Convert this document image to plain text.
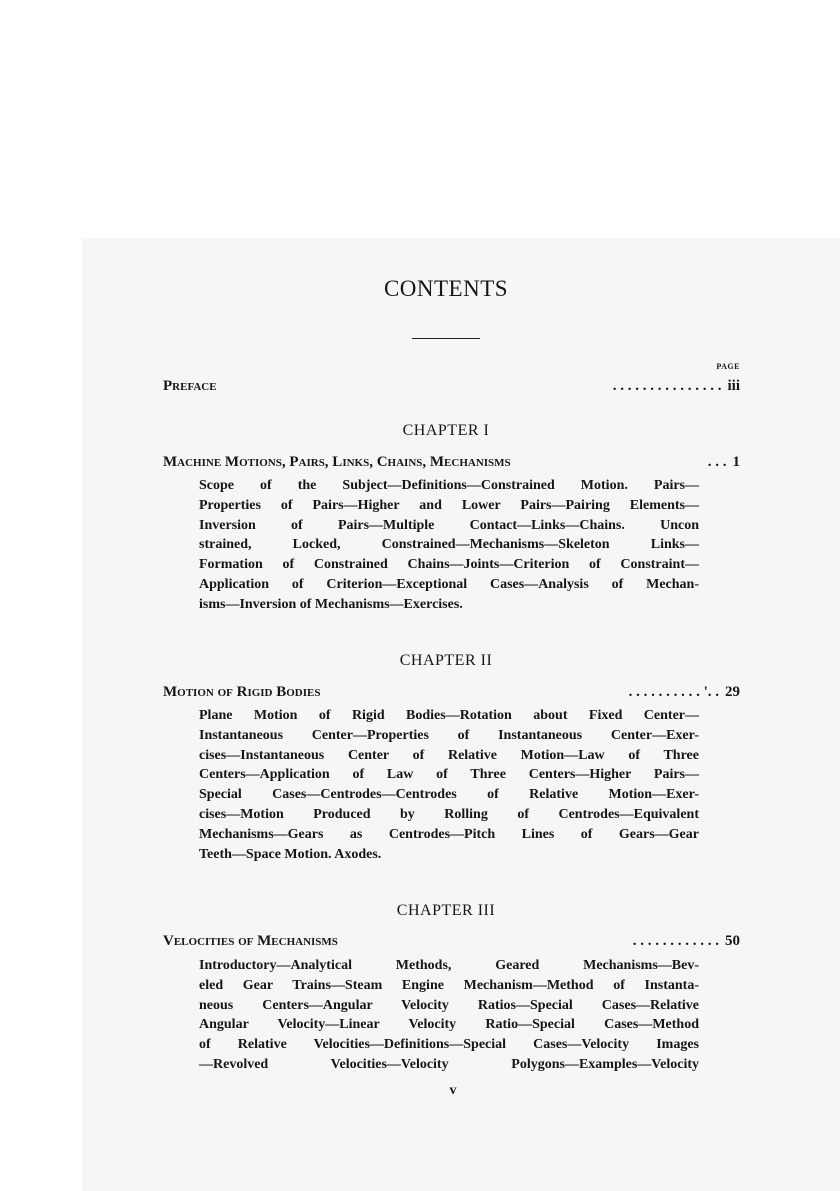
CONTENTS
PAGE
Preface	. . . . . . . . . . . . . . . iii
CHAPTER I
Machine Motions, Pairs, Links, Chains, Mechanisms	. . . 1
Scope of the Subject—Definitions—Constrained Motion. Pairs—
Properties of Pairs—Higher and Lower Pairs—Pairing Elements—
Inversion of Pairs—Multiple Contact—Links—Chains. Uncon
strained, Locked, Constrained—Mechanisms—Skeleton Links—
Formation of Constrained Chains—Joints—Criterion of Constraint—
Application of Criterion—Exceptional Cases—Analysis of Mechan-
isms—Inversion of Mechanisms—Exercises.
CHAPTER II
Motion of Rigid Bodies	. . . . . . . . . . '. . 29
Plane Motion of Rigid Bodies—Rotation about Fixed Center—
Instantaneous Center—Properties of Instantaneous Center—Exer-
cises—Instantaneous Center of Relative Motion—Law of Three
Centers—Application of Law of Three Centers—Higher Pairs—
Special Cases—Centrodes—Centrodes of Relative Motion—Exer-
cises—Motion Produced by Rolling of Centrodes—Equivalent
Mechanisms—Gears as Centrodes—Pitch Lines of Gears—Gear
Teeth—Space Motion. Axodes.
CHAPTER III
Velocities of Mechanisms	. . . . . . . . . . . . 50
Introductory—Analytical Methods, Geared Mechanisms—Bev-
eled Gear Trains—Steam Engine Mechanism—Method of Instanta-
neous Centers—Angular Velocity Ratios—Special Cases—Relative
Angular Velocity—Linear Velocity Ratio—Special Cases—Method
of Relative Velocities—Definitions—Special Cases—Velocity Images
—Revolved Velocities—Velocity Polygons—Examples—Velocity
v
